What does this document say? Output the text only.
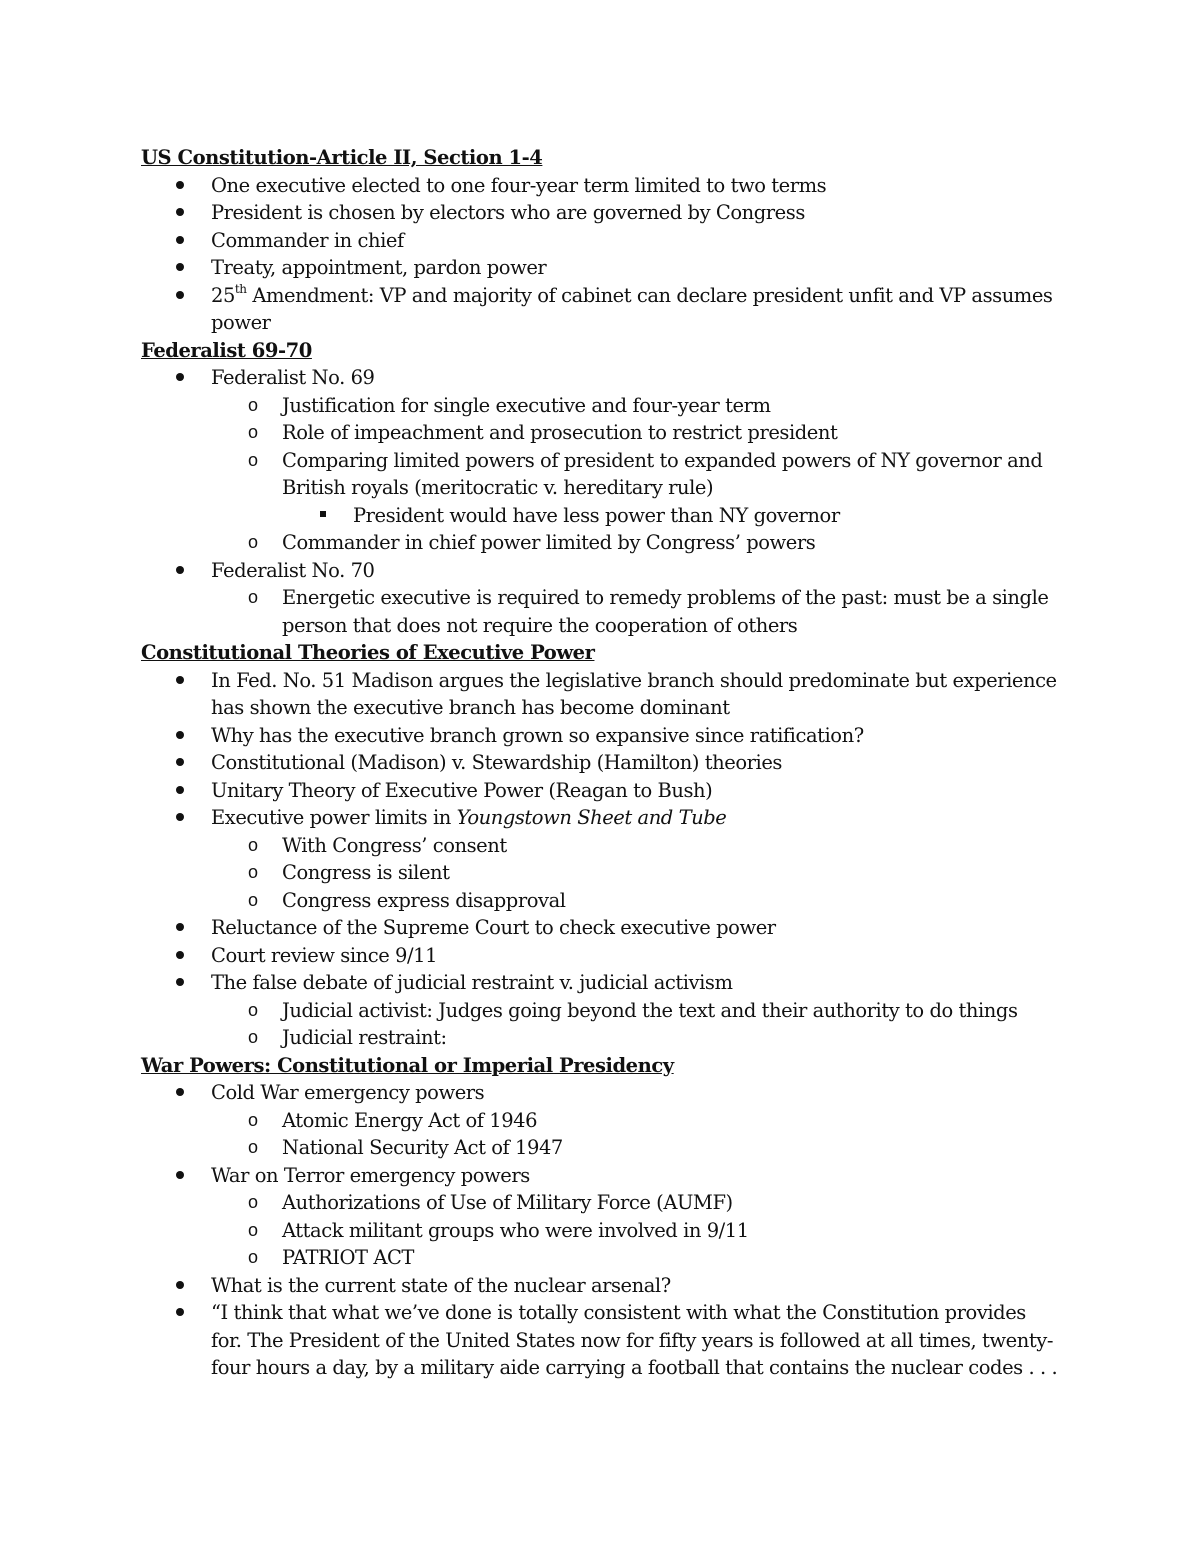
US Constitution-Article II, Section 1-4
One executive elected to one four-year term limited to two terms
President is chosen by electors who are governed by Congress
Commander in chief
Treaty, appointment, pardon power
25th Amendment: VP and majority of cabinet can declare president unfit and VP assumes power
Federalist 69-70
Federalist No. 69
o Justification for single executive and four-year term
o Role of impeachment and prosecution to restrict president
o Comparing limited powers of president to expanded powers of NY governor and British royals (meritocratic v. hereditary rule)
President would have less power than NY governor
o Commander in chief power limited by Congress’ powers
Federalist No. 70
o Energetic executive is required to remedy problems of the past: must be a single person that does not require the cooperation of others
Constitutional Theories of Executive Power
In Fed. No. 51 Madison argues the legislative branch should predominate but experience has shown the executive branch has become dominant
Why has the executive branch grown so expansive since ratification?
Constitutional (Madison) v. Stewardship (Hamilton) theories
Unitary Theory of Executive Power (Reagan to Bush)
Executive power limits in Youngstown Sheet and Tube
o With Congress’ consent
o Congress is silent
o Congress express disapproval
Reluctance of the Supreme Court to check executive power
Court review since 9/11
The false debate of judicial restraint v. judicial activism
o Judicial activist: Judges going beyond the text and their authority to do things
o Judicial restraint:
War Powers: Constitutional or Imperial Presidency
Cold War emergency powers
o Atomic Energy Act of 1946
o National Security Act of 1947
War on Terror emergency powers
o Authorizations of Use of Military Force (AUMF)
o Attack militant groups who were involved in 9/11
o PATRIOT ACT
What is the current state of the nuclear arsenal?
“I think that what we’ve done is totally consistent with what the Constitution provides for. The President of the United States now for fifty years is followed at all times, twenty-four hours a day, by a military aide carrying a football that contains the nuclear codes . . .
